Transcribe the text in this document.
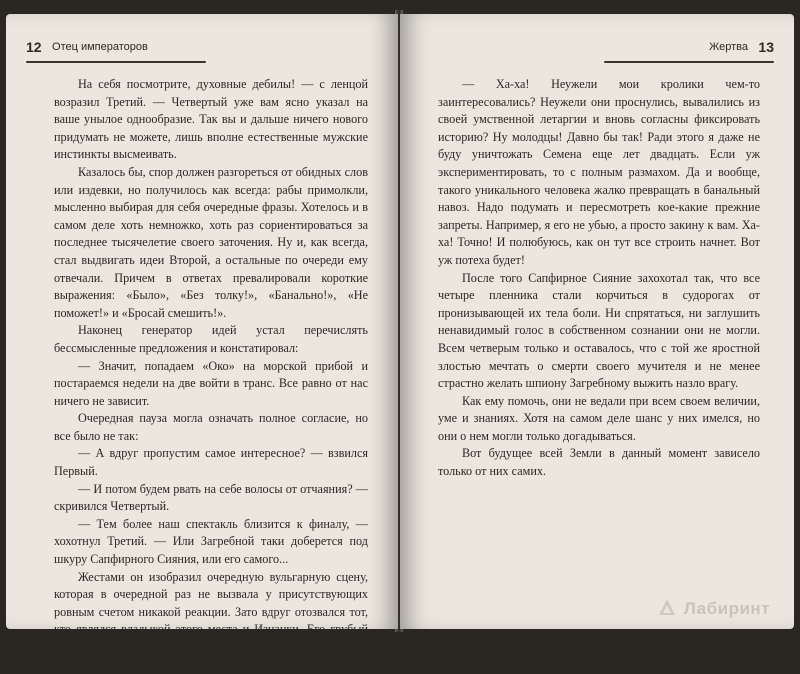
12 Отец императоров

На себя посмотрите, духовные дебилы! — с ленцой возразил Третий. — Четвертый уже вам ясно указал на ваше унылое однообразие. Так вы и дальше ничего нового придумать не можете, лишь вполне естественные мужские инстинкты высмеивать.

Казалось бы, спор должен разгореться от обидных слов или издевки, но получилось как всегда: рабы примолкли, мысленно выбирая для себя очередные фразы. Хотелось и в самом деле хоть немножко, хоть раз сориентироваться за последнее тысячелетие своего заточения. Ну и, как всегда, стал выдвигать идеи Второй, а остальные по очереди ему отвечали. Причем в ответах превалировали короткие выражения: «Было», «Без толку!», «Банально!», «Не поможет!» и «Бросай смешить!».

Наконец генератор идей устал перечислять бессмысленные предложения и констатировал:

— Значит, попадаем «Око» на морской прибой и постараемся недели на две войти в транс. Все равно от нас ничего не зависит.

Очередная пауза могла означать полное согласие, но все было не так:

— А вдруг пропустим самое интересное? — взвился Первый.

— И потом будем рвать на себе волосы от отчаяния? — скривился Четвертый.

— Тем более наш спектакль близится к финалу, — хохотнул Третий. — Или Загребной таки доберется под шкуру Сапфирного Сияния, или его самого...

Жестами он изобразил очередную вульгарную сцену, которая в очередной раз не вызвала у присутствующих ровным счетом никакой реакции. Зато вдруг отозвался тот, кто являлся владыкой этого места и Изнанки. Его грубый голос зазвучал в голове всех пленников с одинаковой силой и с одинаковой неизбежностью:

Жертва 13

— Ха-ха! Неужели мои кролики чем-то заинтересовались? Неужели они проснулись, вывалились из своей умственной летаргии и вновь согласны фиксировать историю? Ну молодцы! Давно бы так! Ради этого я даже не буду уничтожать Семена еще лет двадцать. Если уж экспериментировать, то с полным размахом. Да и вообще, такого уникального человека жалко превращать в банальный навоз. Надо подумать и пересмотреть кое-какие прежние запреты. Например, я его не убью, а просто закину к вам. Ха-ха! Точно! И полюбуюсь, как он тут все строить начнет. Вот уж потеха будет!

После того Сапфирное Сияние захохотал так, что все четыре пленника стали корчиться в судорогах от пронизывающей их тела боли. Ни спрятаться, ни заглушить ненавидимый голос в собственном сознании они не могли. Всем четверым только и оставалось, что с той же яростной злостью мечтать о смерти своего мучителя и не менее страстно желать шпиону Загребному выжить назло врагу.

Как ему помочь, они не ведали при всем своем величии, уме и знаниях. Хотя на самом деле шанс у них имелся, но они о нем могли только догадываться.

Вот будущее всей Земли в данный момент зависело только от них самих.

Лабиринт
